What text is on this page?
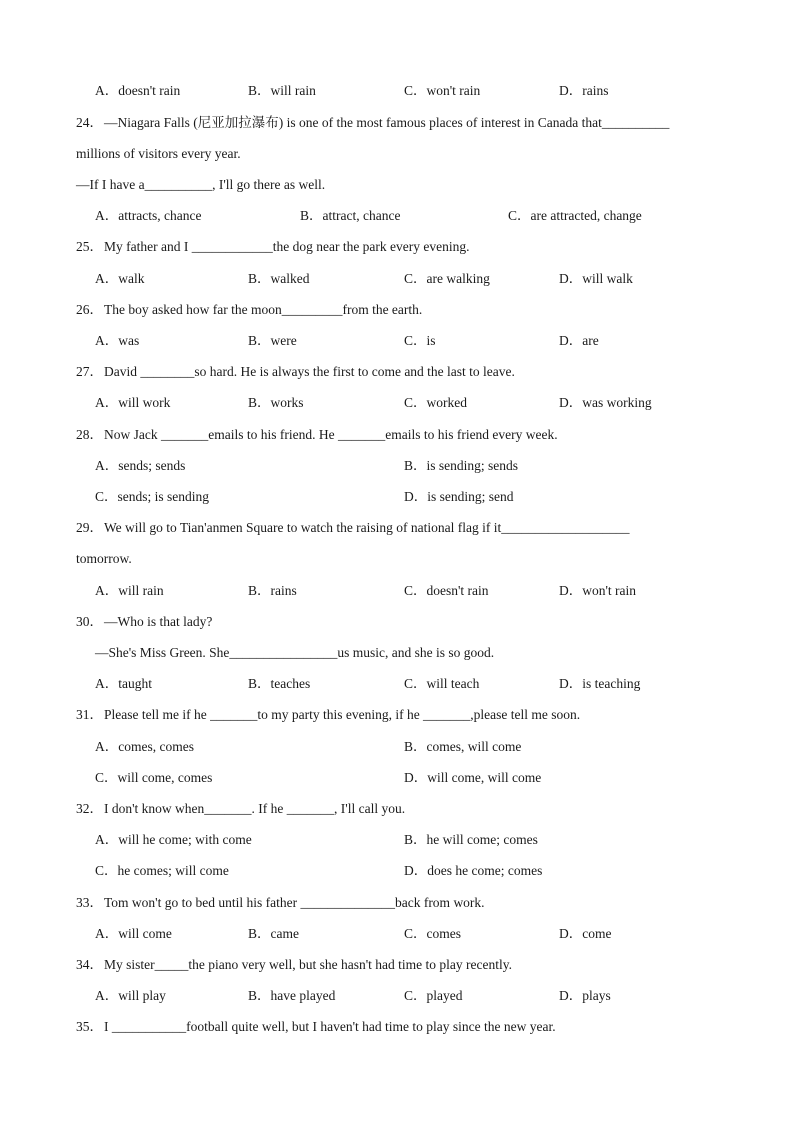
A．doesn't rain	B．will rain	C．won't rain	D．rains
24． —Niagara Falls (尼亚加拉瀑布) is one of the most famous places of interest in Canada that__________
millions of visitors every year.
—If I have a__________, I'll go there as well.
A．attracts, chance	B．attract, chance	C．are attracted, change
25． My father and I ____________the dog near the park every evening.
A．walk	B．walked	C．are walking	D．will walk
26． The boy asked how far the moon_________from the earth.
A．was	B．were	C．is	D．are
27． David ________so hard. He is always the first to come and the last to leave.
A．will work	B．works	C．worked	D．was working
28． Now Jack _______emails to his friend. He _______emails to his friend every week.
A．sends; sends	B．is sending; sends
C．sends; is sending	D．is sending; send
29． We will go to Tian'anmen Square to watch the raising of national flag if it___________________
tomorrow.
A．will rain	B．rains	C．doesn't rain	D．won't rain
30． —Who is that lady?
—She's Miss Green. She________________us music, and she is so good.
A．taught	B．teaches	C．will teach	D．is teaching
31． Please tell me if he _______to my party this evening, if he _______,please tell me soon.
A．comes, comes	B．comes, will come
C．will come, comes	D．will come, will come
32． I don't know when_______. If he _______, I'll call you.
A．will he come; with come	B．he will come; comes
C．he comes; will come	D．does he come; comes
33． Tom won't go to bed until his father ______________back from work.
A．will come	B．came	C．comes	D．come
34． My sister_____the piano very well, but she hasn't had time to play recently.
A．will play	B．have played	C．played	D．plays
35． I ___________football quite well, but I haven't had time to play since the new year.
